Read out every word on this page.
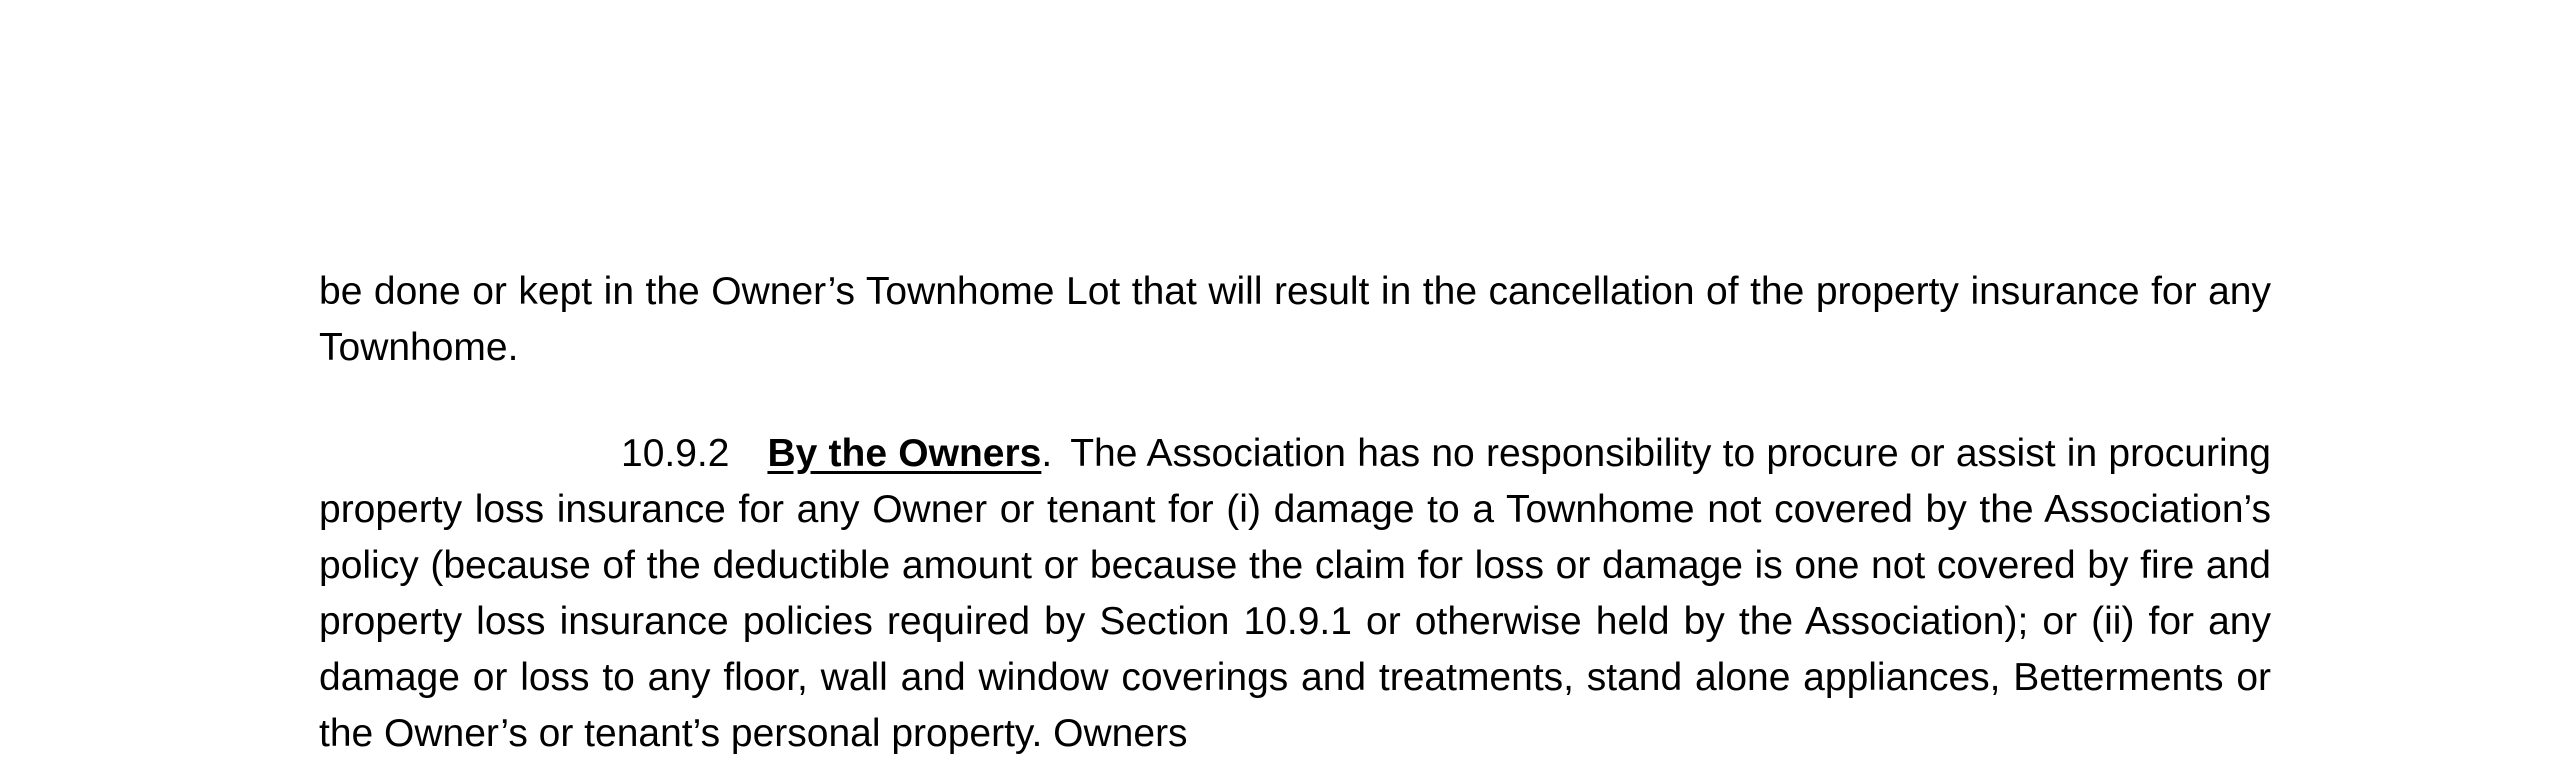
be done or kept in the Owner’s Townhome Lot that will result in the cancellation of the property insurance for any Townhome.

10.9.2 By the Owners. The Association has no responsibility to procure or assist in procuring property loss insurance for any Owner or tenant for (i) damage to a Townhome not covered by the Association’s policy (because of the deductible amount or because the claim for loss or damage is one not covered by fire and property loss insurance policies required by Section 10.9.1 or otherwise held by the Association); or (ii) for any damage or loss to any floor, wall and window coverings and treatments, stand alone appliances, Betterments or the Owner’s or tenant’s personal property. Owners
